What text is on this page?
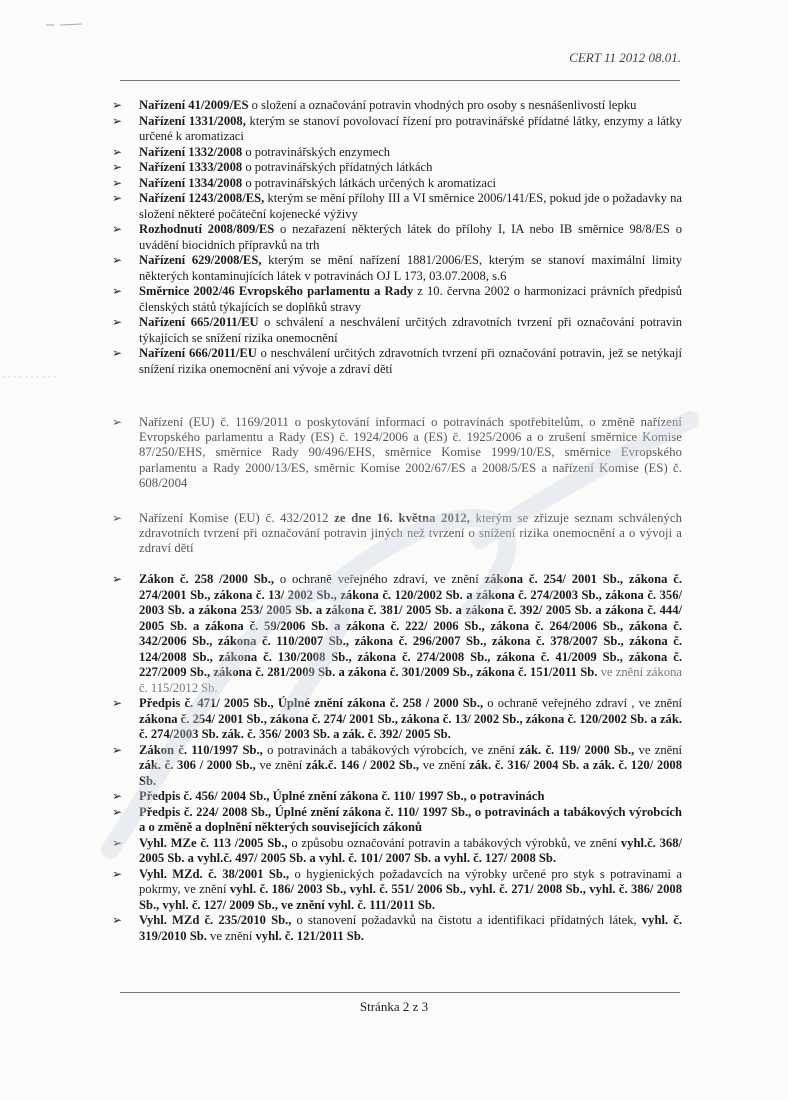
CERT 11 2012 08.01.
· · · · · · · · · ·

➢	Nařízení 41/2009/ES o složení a označování potravin vhodných pro osoby s nesnášenlivostí lepku

➢	Nařízení 1331/2008, kterým se stanoví povolovací řízení pro potravinářské přídatné látky, enzymy a látky určené k aromatizaci

➢	Nařízení 1332/2008 o potravinářských enzymech

➢	Nařízení 1333/2008 o potravinářských přídatných látkách

➢	Nařízení 1334/2008 o potravinářských látkách určených k aromatizaci

➢	Nařízení 1243/2008/ES, kterým se mění přílohy III a VI směrnice 2006/141/ES, pokud jde o požadavky na složení některé počáteční kojenecké výživy

➢	Rozhodnutí 2008/809/ES o nezařazení některých látek do přílohy I, IA nebo IB směrnice 98/8/ES o uvádění biocidních přípravků na trh

➢	Nařízení 629/2008/ES, kterým se mění nařízení 1881/2006/ES, kterým se stanoví maximální limity některých kontaminujících látek v potravinách OJ L 173, 03.07.2008, s.6

➢	Směrnice 2002/46 Evropského parlamentu a Rady z 10. června 2002 o harmonizaci právních předpisů členských států týkajících se doplňků stravy

➢	Nařízení 665/2011/EU o schválení a neschválení určitých zdravotních tvrzení při označování potravin týkajících se snížení rizika onemocnění

➢	Nařízení 666/2011/EU o neschválení určitých zdravotních tvrzení při označování potravin, jež se netýkají snížení rizika onemocnění ani vývoje a zdraví dětí

➢	Nařízení (EU) č. 1169/2011 o poskytování informací o potravinách spotřebitelům, o změně nařízení Evropského parlamentu a Rady (ES) č. 1924/2006 a (ES) č. 1925/2006 a o zrušení směrnice Komise 87/250/EHS, směrnice Rady 90/496/EHS, směrnice Komise 1999/10/ES, směrnice Evropského parlamentu a Rady 2000/13/ES, směrnic Komise 2002/67/ES a 2008/5/ES a nařízení Komise (ES) č. 608/2004

➢	Nařízení Komise (EU) č. 432/2012 ze dne 16. května 2012, kterým se zřizuje seznam schválených zdravotních tvrzení při označování potravin jiných než tvrzení o snížení rizika onemocnění a o vývoji a zdraví dětí

➢	Zákon č. 258 /2000 Sb., o ochraně veřejného zdraví, ve znění zákona č. 254/ 2001 Sb., zákona č. 274/2001 Sb., zákona č. 13/ 2002 Sb., zákona č. 120/2002 Sb. a zákona č. 274/2003 Sb., zákona č. 356/ 2003 Sb. a zákona 253/ 2005 Sb. a zákona č. 381/ 2005 Sb. a zákona č. 392/ 2005 Sb. a zákona č. 444/ 2005 Sb. a zákona č. 59/2006 Sb. a zákona č. 222/ 2006 Sb., zákona č. 264/2006 Sb., zákona č. 342/2006 Sb., zákona č. 110/2007 Sb., zákona č. 296/2007 Sb., zákona č. 378/2007 Sb., zákona č. 124/2008 Sb., zákona č. 130/2008 Sb., zákona č. 274/2008 Sb., zákona č. 41/2009 Sb., zákona č. 227/2009 Sb., zákona č. 281/2009 Sb. a zákona č. 301/2009 Sb., zákona č. 151/2011 Sb. ve znění zákona č. 115/2012 Sb.

➢	Předpis č. 471/ 2005 Sb., Úplné znění zákona č. 258 / 2000 Sb., o ochraně veřejného zdraví , ve znění zákona č. 254/ 2001 Sb., zákona č. 274/ 2001 Sb., zákona č. 13/ 2002 Sb., zákona č. 120/2002 Sb. a zák. č. 274/2003 Sb. zák. č. 356/ 2003 Sb. a zák. č. 392/ 2005 Sb.

➢	Zákon č. 110/1997 Sb., o potravinách a tabákových výrobcích, ve znění zák. č. 119/ 2000 Sb., ve znění zák. č. 306 / 2000 Sb., ve znění zák.č. 146 / 2002 Sb., ve znění zák. č. 316/ 2004 Sb. a zák. č. 120/ 2008 Sb.

➢	Předpis č. 456/ 2004 Sb., Úplné znění zákona č. 110/ 1997 Sb., o potravinách

➢	Předpis č. 224/ 2008 Sb., Úplné znění zákona č. 110/ 1997 Sb., o potravinách a tabákových výrobcích a o změně a doplnění některých souvisejících zákonů

➢	Vyhl. MZe č. 113 /2005 Sb., o způsobu označování potravin a tabákových výrobků, ve znění vyhl.č. 368/ 2005 Sb. a vyhl.č. 497/ 2005 Sb. a vyhl. č. 101/ 2007 Sb. a vyhl. č. 127/ 2008 Sb.

➢	Vyhl. MZd. č. 38/2001 Sb., o hygienických požadavcích na výrobky určené pro styk s potravinami a pokrmy, ve znění vyhl. č. 186/ 2003 Sb., vyhl. č. 551/ 2006 Sb., vyhl. č. 271/ 2008 Sb., vyhl. č. 386/ 2008 Sb., vyhl. č. 127/ 2009 Sb., ve znění vyhl. č. 111/2011 Sb.

➢	Vyhl. MZd č. 235/2010 Sb., o stanovení požadavků na čistotu a identifikaci přídatných látek, vyhl. č. 319/2010 Sb. ve znění vyhl. č. 121/2011 Sb.

Stránka 2 z 3
